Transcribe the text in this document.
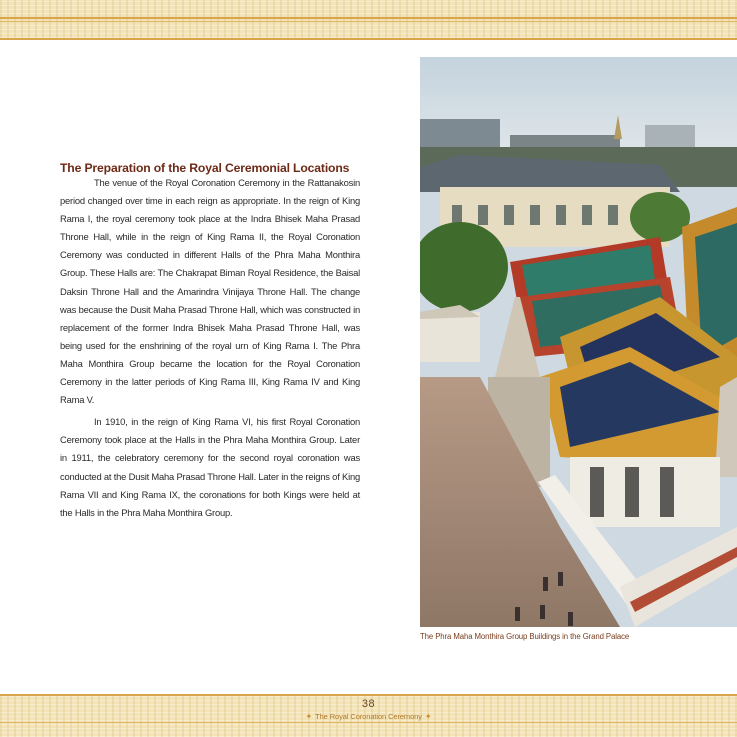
The Preparation of the Royal Ceremonial Locations

The venue of the Royal Coronation Ceremony in the Rattanakosin period changed over time in each reign as appropriate. In the reign of King Rama I, the royal ceremony took place at the Indra Bhisek Maha Prasad Throne Hall, while in the reign of King Rama II, the Royal Coronation Ceremony was conducted in different Halls of the Phra Maha Monthira Group. These Halls are: The Chakrapat Biman Royal Residence, the Baisal Daksin Throne Hall and the Amarindra Vinijaya Throne Hall. The change was because the Dusit Maha Prasad Throne Hall, which was constructed in replacement of the former Indra Bhisek Maha Prasad Throne Hall, was being used for the enshrining of the royal urn of King Rama I. The Phra Maha Monthira Group became the location for the Royal Coronation Ceremony in the latter periods of King Rama III, King Rama IV and King Rama V.

In 1910, in the reign of King Rama VI, his first Royal Coronation Ceremony took place at the Halls in the Phra Maha Monthira Group. Later in 1911, the celebratory ceremony for the second royal coronation was conducted at the Dusit Maha Prasad Throne Hall. Later in the reigns of King Rama VII and King Rama IX, the coronations for both Kings were held at the Halls in the Phra Maha Monthira Group.

The Phra Maha Monthira Group Buildings in the Grand Palace
38
✦ The Royal Coronation Ceremony ✦
